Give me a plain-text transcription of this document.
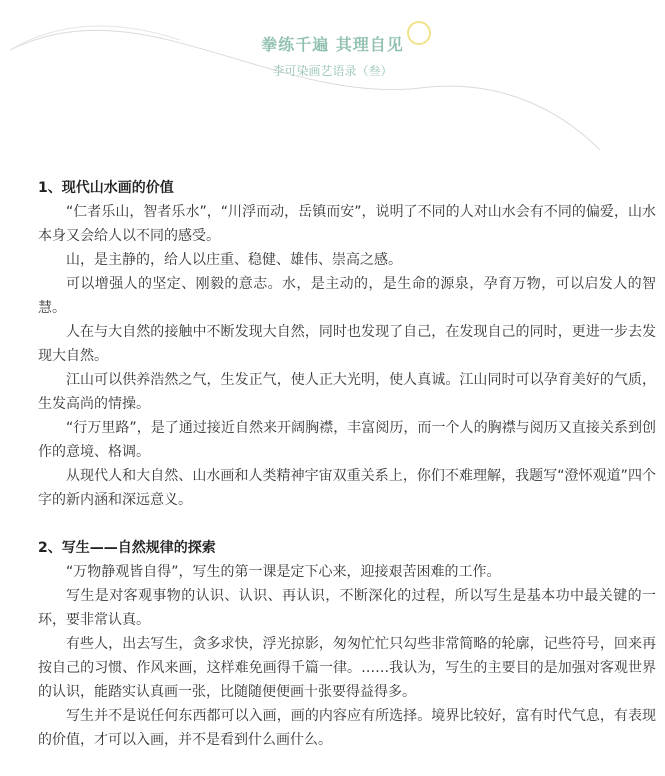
拳练千遍 其理自见
李可染画艺语录（叁）
1、现代山水画的价值

“仁者乐山，智者乐水”，“川浮而动，岳镇而安”，说明了不同的人对山水会有不同的偏爱，山水本身又会给人以不同的感受。

山，是主静的，给人以庄重、稳健、雄伟、崇高之感。

可以增强人的坚定、刚毅的意志。水，是主动的，是生命的源泉，孕育万物，可以启发人的智慧。

人在与大自然的接触中不断发现大自然，同时也发现了自己，在发现自己的同时，更进一步去发现大自然。

江山可以供养浩然之气，生发正气，使人正大光明，使人真诚。江山同时可以孕育美好的气质，生发高尚的情操。

“行万里路”，是了通过接近自然来开阔胸襟，丰富阅历，而一个人的胸襟与阅历又直接关系到创作的意境、格调。

从现代人和大自然、山水画和人类精神宇宙双重关系上，你们不难理解，我题写“澄怀观道”四个字的新内涵和深远意义。

2、写生——自然规律的探索

“万物静观皆自得”，写生的第一课是定下心来，迎接艰苦困难的工作。

写生是对客观事物的认识、认识、再认识，不断深化的过程，所以写生是基本功中最关键的一环，要非常认真。

有些人，出去写生，贪多求快，浮光掠影，匆匆忙忙只勾些非常简略的轮廓，记些符号，回来再按自己的习惯、作风来画，这样难免画得千篇一律。……我认为，写生的主要目的是加强对客观世界的认识，能踏实认真画一张，比随随便便画十张要得益得多。

写生并不是说任何东西都可以入画，画的内容应有所选择。境界比较好，富有时代气息，有表现的价值，才可以入画，并不是看到什么画什么。
